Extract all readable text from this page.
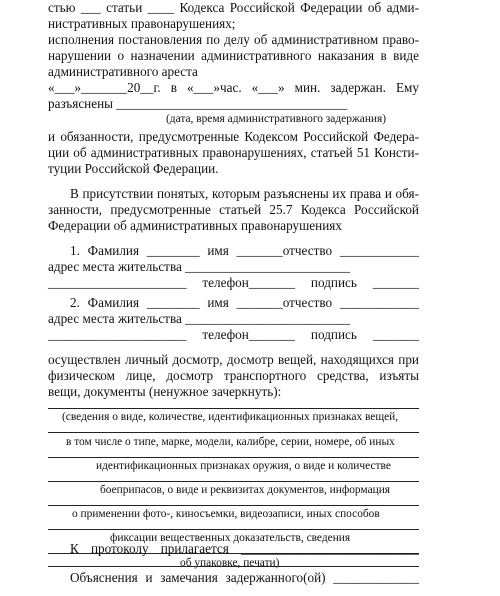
стью ___ статьи ____ Кодекса Российской Федерации об адми-
нистративных правонарушениях;
исполнения постановления по делу об административном право-
нарушении о назначении административного наказания в виде
административного ареста
«___»_______20__г. в «___»час. «___» мин. задержан. Ему
разъяснены ___________________________________
(дата, время административного задержания)
и обязанности, предусмотренные Кодексом Российской Федера-
ции об административных правонарушениях, статьей 51 Консти-
туции Российской Федерации.
В присутствии понятых, которым разъяснены их права и обя-
занности, предусмотренные статьей 25.7 Кодекса Российской
Федерации об административных правонарушениях
1. Фамилия ________ имя _______отчество ____________
адрес места жительства _________________________
_____________________ телефон_______ подпись _______
2. Фамилия ________ имя _______отчество ____________
адрес места жительства _________________________
_____________________ телефон_______ подпись _______
осуществлен личный досмотр, досмотр вещей, находящихся при
физическом лице, досмотр транспортного средства, изъяты
вещи, документы (ненужное зачеркнуть):
(сведения о виде, количестве, идентификационных признаках вещей,
в том числе о типе, марке, модели, калибре, серии, номере, об иных
идентификационных признаках оружия, о виде и количестве
боеприпасов, о виде и реквизитах документов, информация
о применении фото-, киносъемки, видеозаписи, иных способов
фиксации вещественных доказательств, сведения
об упаковке, печати)
К протоколу прилагается ___________________________
Объяснения и замечания задержанного(ой) _____________
